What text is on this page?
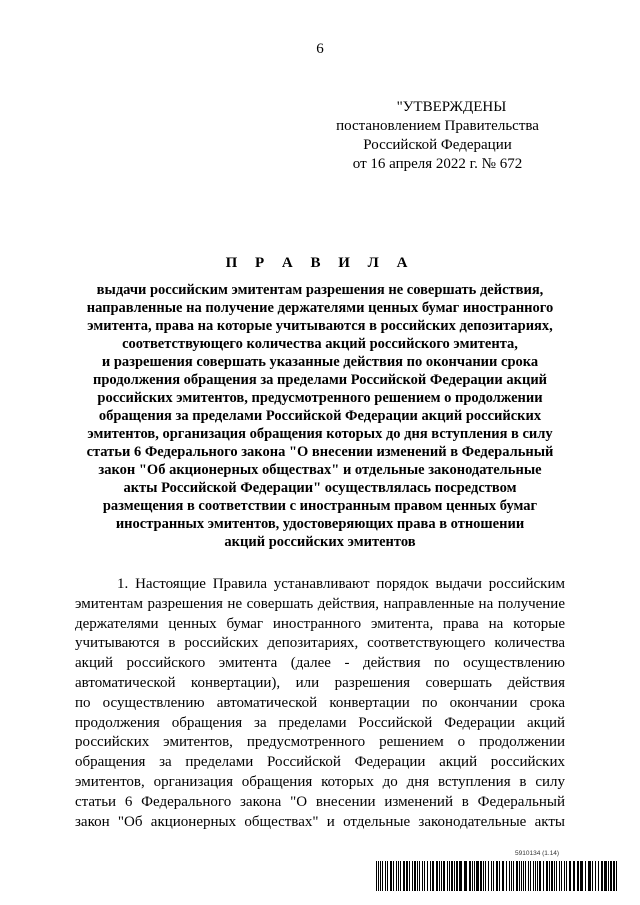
6
"УТВЕРЖДЕНЫ
постановлением Правительства
Российской Федерации
от 16 апреля 2022 г. № 672
П Р А В И Л А
выдачи российским эмитентам разрешения не совершать действия,
направленные на получение держателями ценных бумаг иностранного
эмитента, права на которые учитываются в российских депозитариях,
соответствующего количества акций российского эмитента,
и разрешения совершать указанные действия по окончании срока
продолжения обращения за пределами Российской Федерации акций
российских эмитентов, предусмотренного решением о продолжении
обращения за пределами Российской Федерации акций российских
эмитентов, организация обращения которых до дня вступления в силу
статьи 6 Федерального закона "О внесении изменений в Федеральный
закон "Об акционерных обществах" и отдельные законодательные
акты Российской Федерации" осуществлялась посредством
размещения в соответствии с иностранным правом ценных бумаг
иностранных эмитентов, удостоверяющих права в отношении
акций российских эмитентов
1. Настоящие Правила устанавливают порядок выдачи российским
эмитентам разрешения не совершать действия, направленные на получение
держателями ценных бумаг иностранного эмитента, права на которые
учитываются в российских депозитариях, соответствующего количества
акций российского эмитента (далее - действия по осуществлению
автоматической конвертации), или разрешения совершать действия
по осуществлению автоматической конвертации по окончании срока
продолжения обращения за пределами Российской Федерации акций
российских эмитентов, предусмотренного решением о продолжении
обращения за пределами Российской Федерации акций российских
эмитентов, организация обращения которых до дня вступления в силу
статьи 6 Федерального закона "О внесении изменений в Федеральный
закон "Об акционерных обществах" и отдельные законодательные акты
5910134 (1.14)
